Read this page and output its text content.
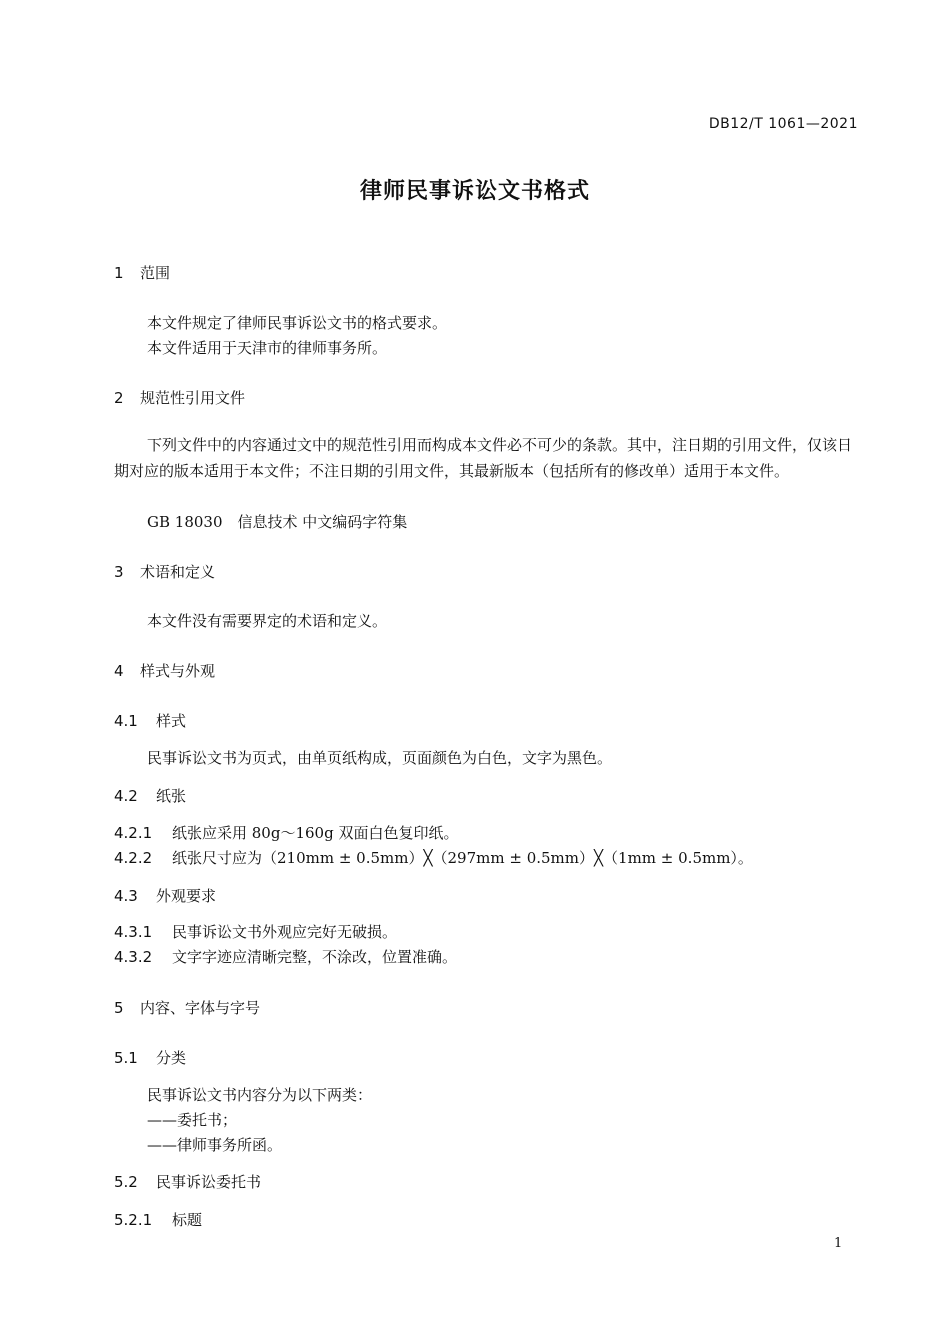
DB12/T 1061—2021
律师民事诉讼文书格式
1 范围
本文件规定了律师民事诉讼文书的格式要求。
本文件适用于天津市的律师事务所。
2 规范性引用文件
下列文件中的内容通过文中的规范性引用而构成本文件必不可少的条款。其中，注日期的引用文件，仅该日期对应的版本适用于本文件；不注日期的引用文件，其最新版本（包括所有的修改单）适用于本文件。
GB 18030　信息技术 中文编码字符集
3 术语和定义
本文件没有需要界定的术语和定义。
4 样式与外观
4.1 样式
民事诉讼文书为页式，由单页纸构成，页面颜色为白色，文字为黑色。
4.2 纸张
4.2.1 纸张应采用 80g～160g 双面白色复印纸。
4.2.2 纸张尺寸应为（210mm ± 0.5mm）╳（297mm ± 0.5mm）╳（1mm ± 0.5mm）。
4.3 外观要求
4.3.1 民事诉讼文书外观应完好无破损。
4.3.2 文字字迹应清晰完整，不涂改，位置准确。
5 内容、字体与字号
5.1 分类
民事诉讼文书内容分为以下两类：
——委托书；
——律师事务所函。
5.2 民事诉讼委托书
5.2.1 标题
1
